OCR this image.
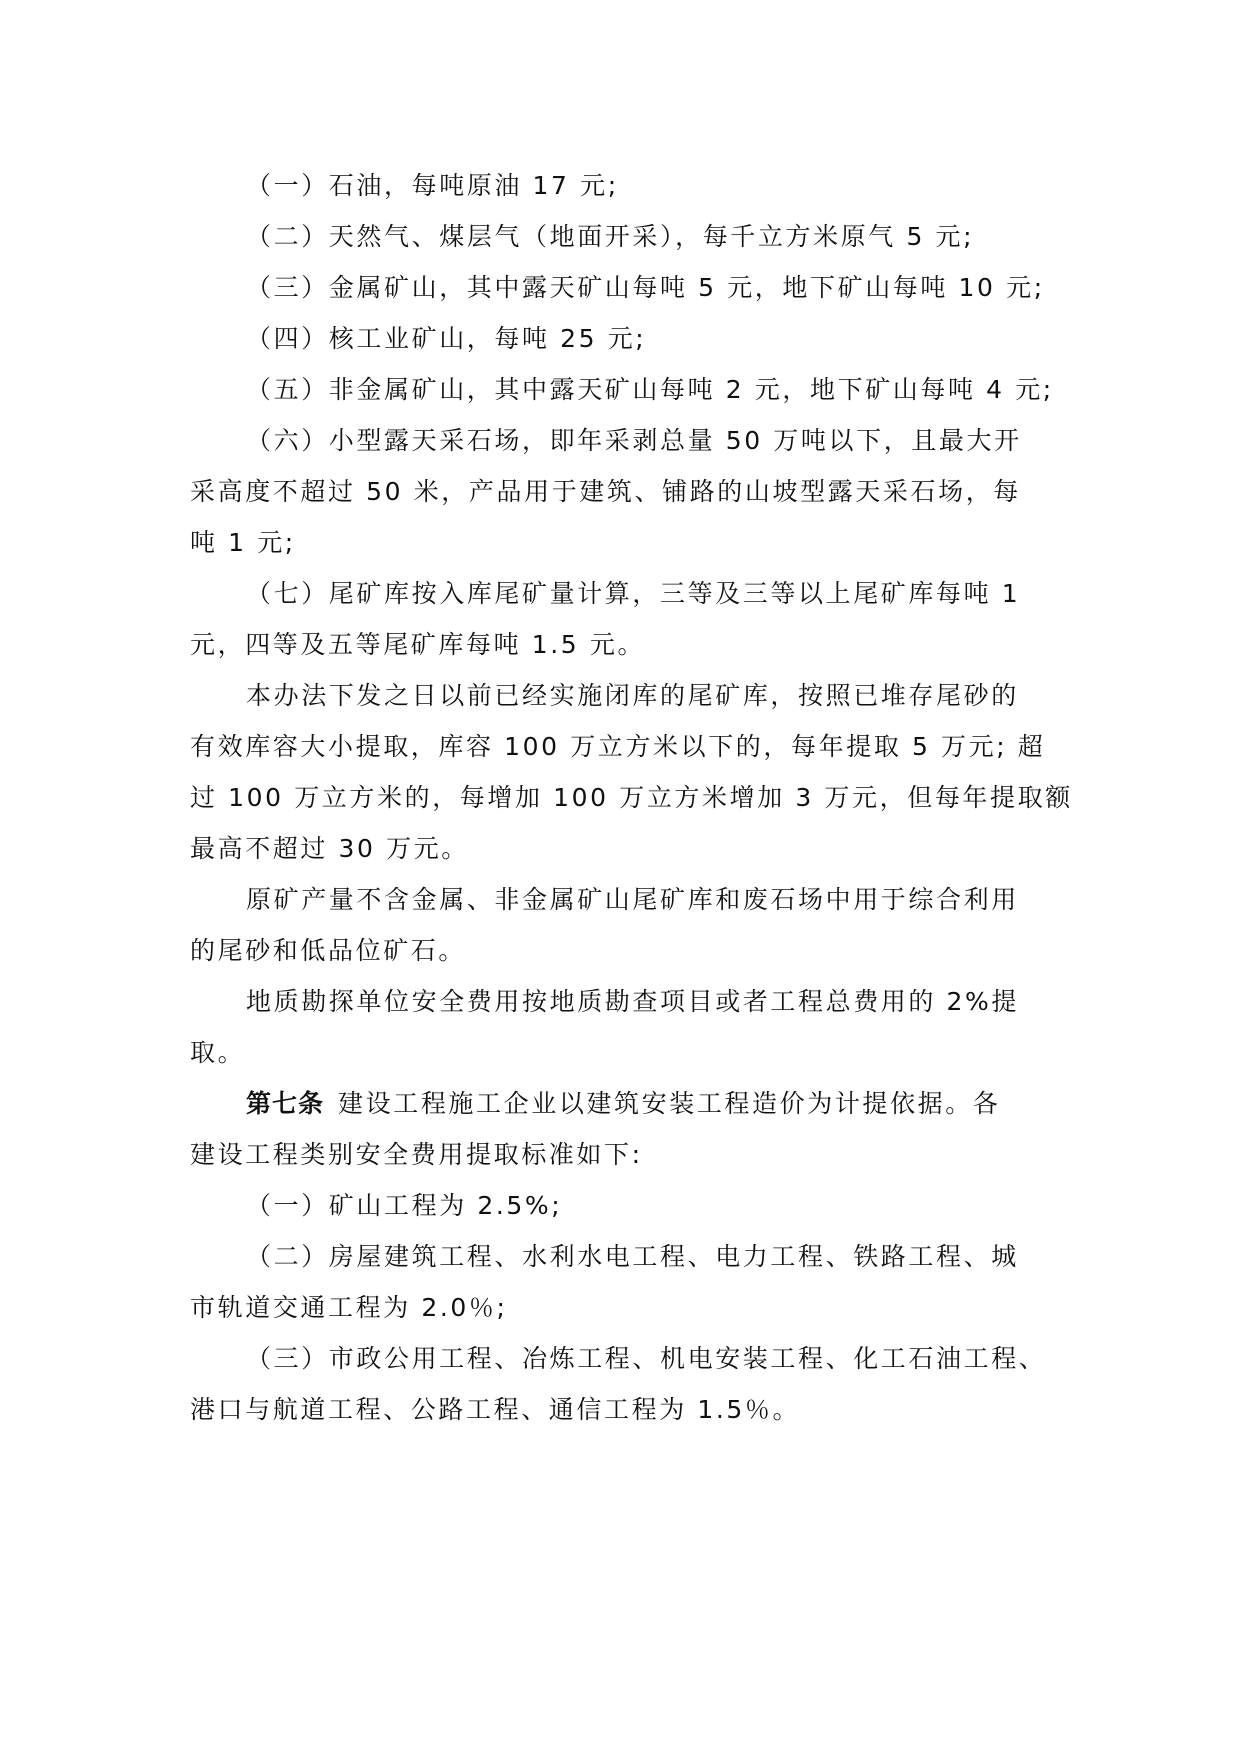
（一）石油，每吨原油 17 元;
（二）天然气、煤层气（地面开采），每千立方米原气 5 元;
（三）金属矿山，其中露天矿山每吨 5 元，地下矿山每吨 10 元;
（四）核工业矿山，每吨 25 元;
（五）非金属矿山，其中露天矿山每吨 2 元，地下矿山每吨 4 元;
（六）小型露天采石场，即年采剥总量 50 万吨以下，且最大开
采高度不超过 50 米，产品用于建筑、铺路的山坡型露天采石场，每
吨 1 元;
（七）尾矿库按入库尾矿量计算，三等及三等以上尾矿库每吨 1
元，四等及五等尾矿库每吨 1.5 元。
本办法下发之日以前已经实施闭库的尾矿库，按照已堆存尾砂的
有效库容大小提取，库容 100 万立方米以下的，每年提取 5 万元; 超
过 100 万立方米的，每增加 100 万立方米增加 3 万元，但每年提取额
最高不超过 30 万元。
原矿产量不含金属、非金属矿山尾矿库和废石场中用于综合利用
的尾砂和低品位矿石。
地质勘探单位安全费用按地质勘查项目或者工程总费用的 2%提
取。
第七条 建设工程施工企业以建筑安装工程造价为计提依据。各
建设工程类别安全费用提取标准如下:
（一）矿山工程为 2.5%;
（二）房屋建筑工程、水利水电工程、电力工程、铁路工程、城
市轨道交通工程为 2.0％;
（三）市政公用工程、冶炼工程、机电安装工程、化工石油工程、
港口与航道工程、公路工程、通信工程为 1.5％。
